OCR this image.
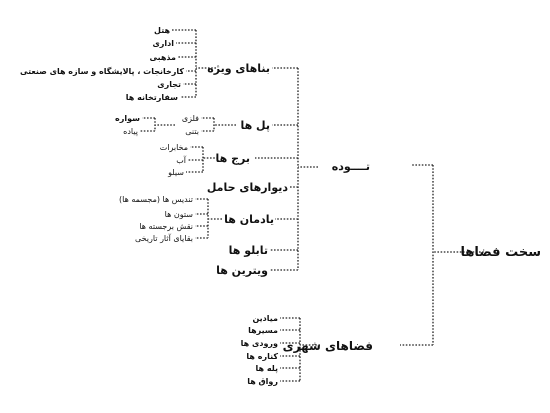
سخت فضاها
تــــوده
فضاهای شهری
بناهای ویژه
پل ها
برج ها
دیوارهای حامل
یادمان ها
تابلو ها
ویترین ها
هتل
اداری
مذهبی
کارخانجات ، پالایشگاه و سازه های صنعتی
تجاری
سفارتخانه ها
فلزی
بتنی
سواره
پیاده
مخابرات
آب
سیلو
تندیس ها (مجسمه ها)
ستون ها
نقش برجسته ها
بقایای آثار تاریخی
میادین
مسیرها
ورودی ها
کناره ها
پله ها
رواق ها
